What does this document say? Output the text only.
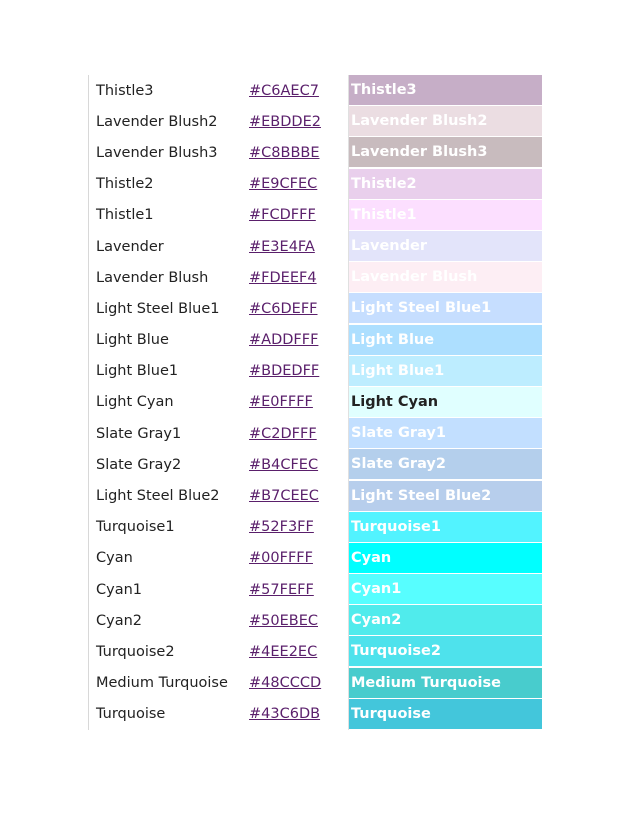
Thistle3	#C6AEC7	Thistle3
Lavender Blush2	#EBDDE2	Lavender Blush2
Lavender Blush3	#C8BBBE	Lavender Blush3
Thistle2	#E9CFEC	Thistle2
Thistle1	#FCDFFF	Thistle1
Lavender	#E3E4FA	Lavender
Lavender Blush	#FDEEF4	Lavender Blush
Light Steel Blue1	#C6DEFF	Light Steel Blue1
Light Blue	#ADDFFF	Light Blue
Light Blue1	#BDEDFF	Light Blue1
Light Cyan	#E0FFFF	Light Cyan
Slate Gray1	#C2DFFF	Slate Gray1
Slate Gray2	#B4CFEC	Slate Gray2
Light Steel Blue2	#B7CEEC	Light Steel Blue2
Turquoise1	#52F3FF	Turquoise1
Cyan	#00FFFF	Cyan
Cyan1	#57FEFF	Cyan1
Cyan2	#50EBEC	Cyan2
Turquoise2	#4EE2EC	Turquoise2
Medium Turquoise	#48CCCD	Medium Turquoise
Turquoise	#43C6DB	Turquoise
